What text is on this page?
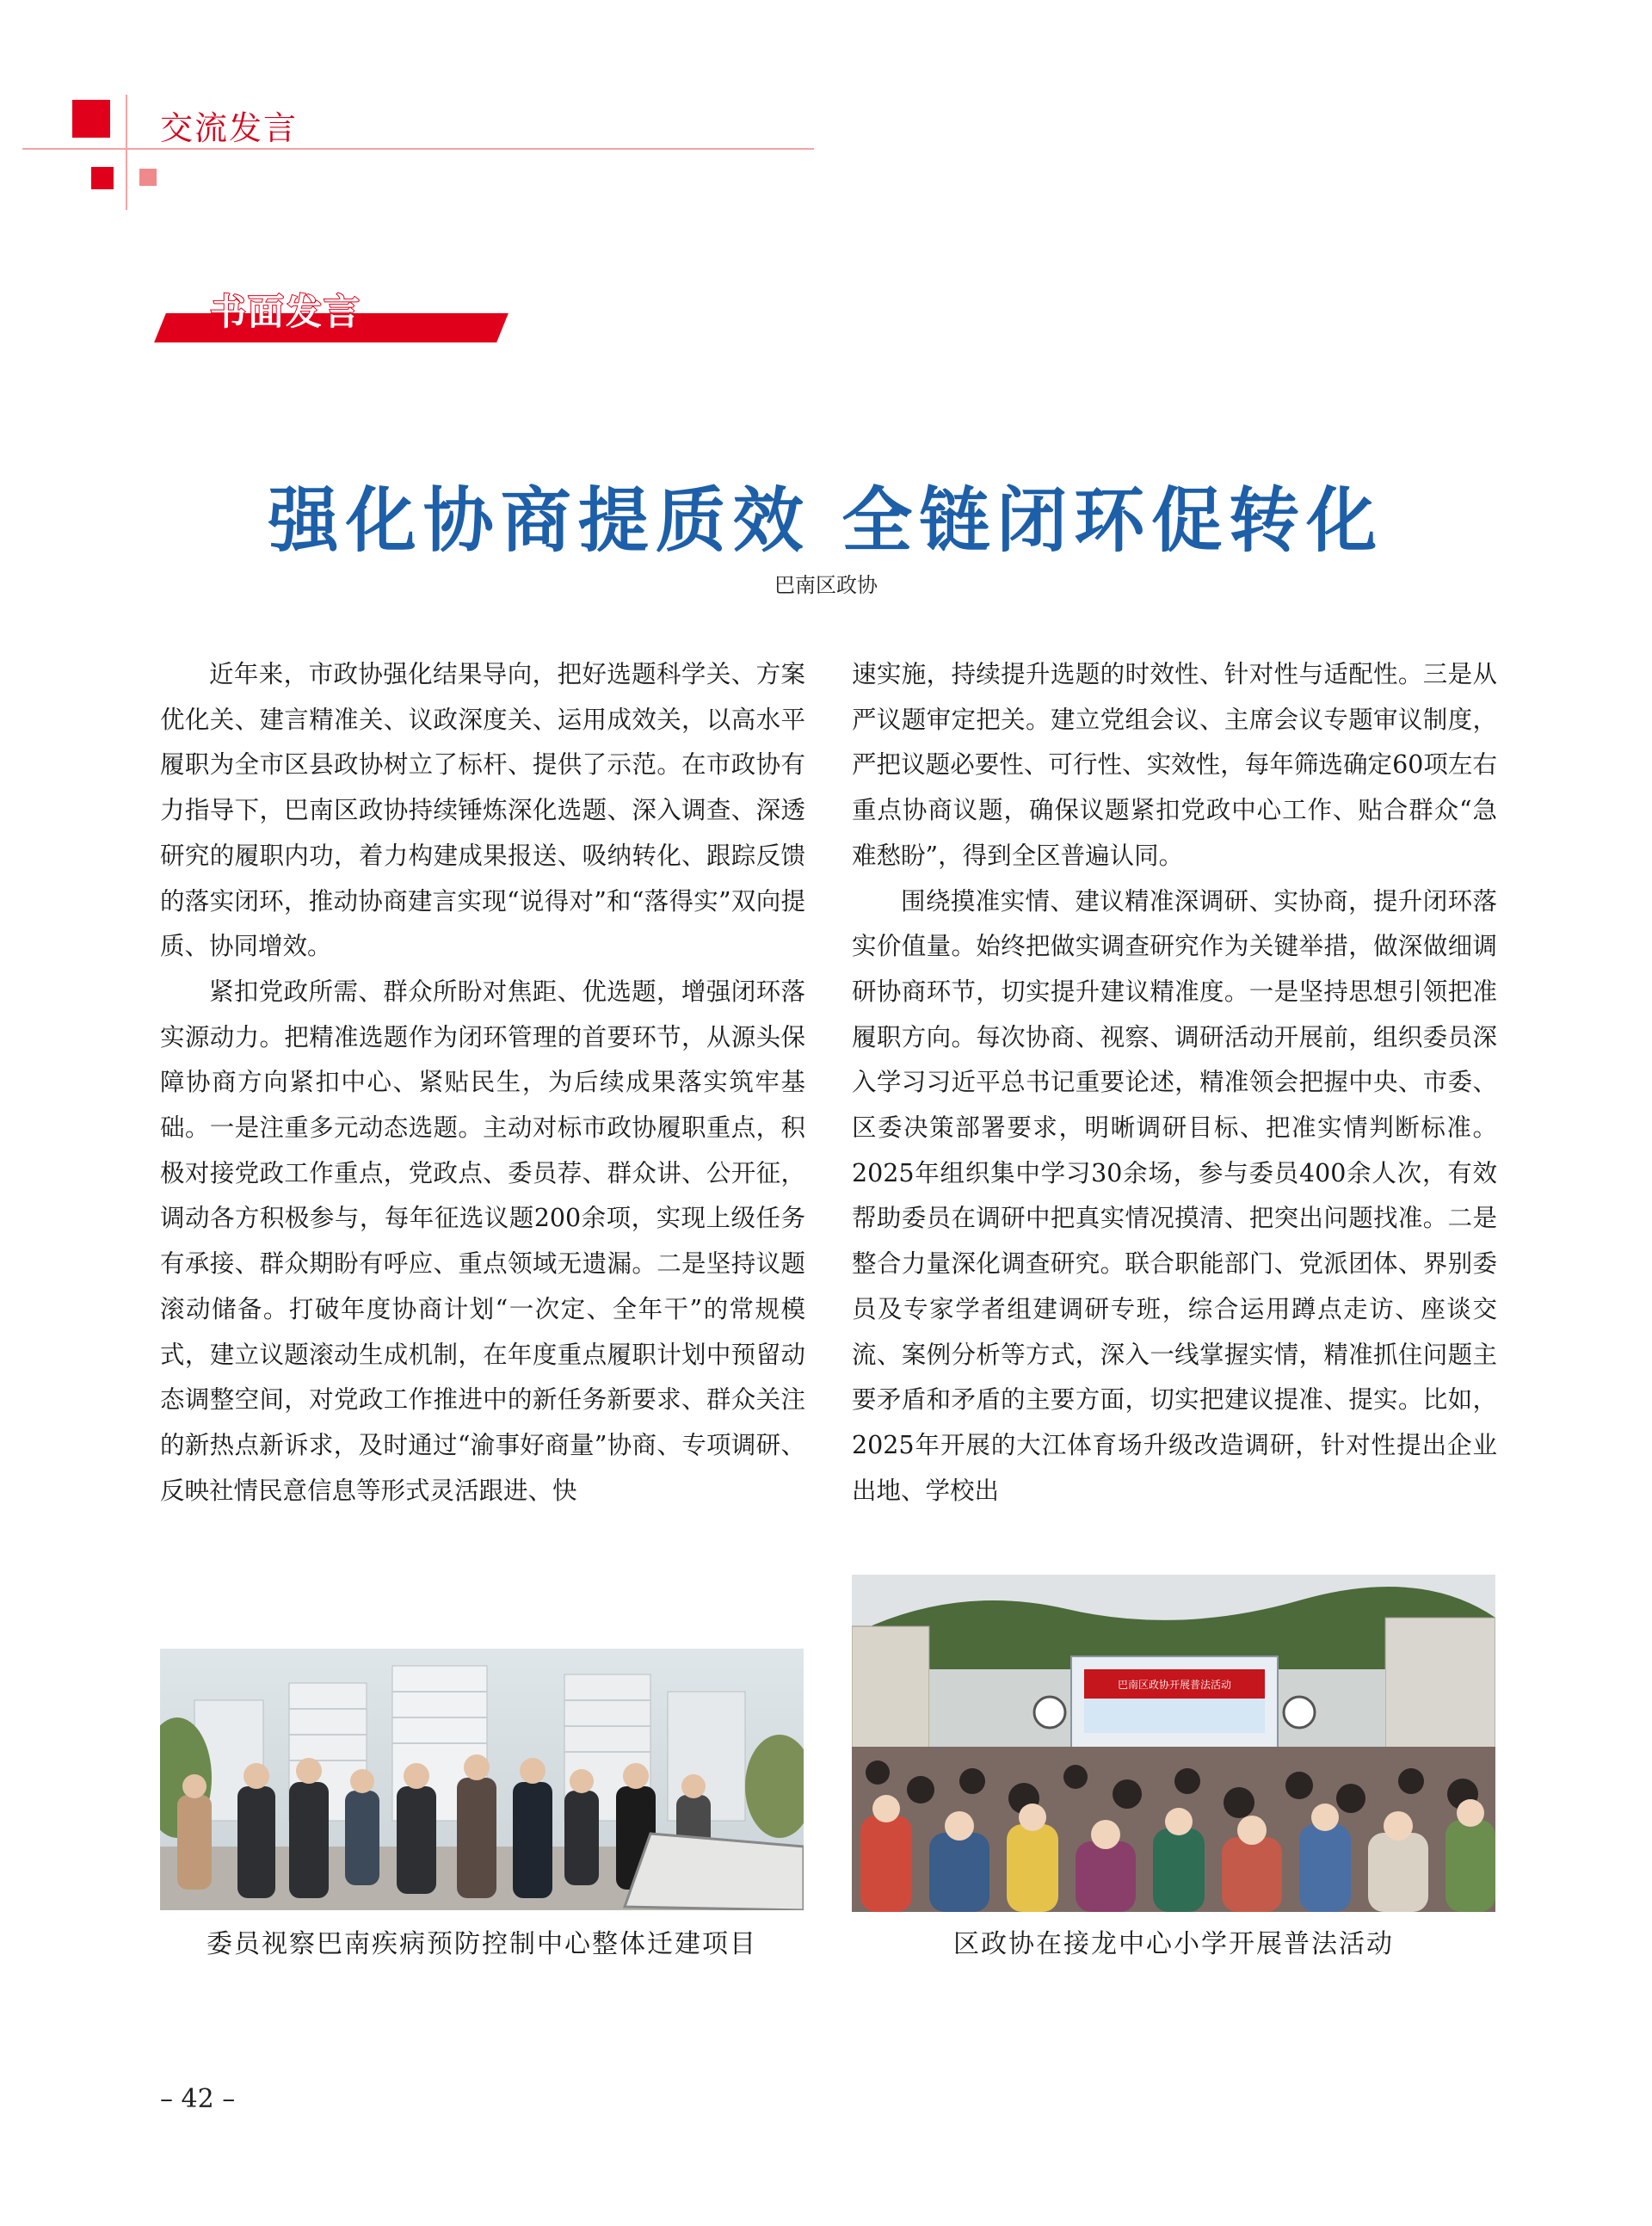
交流发言
书面发言
强化协商提质效 全链闭环促转化
巴南区政协

近年来，市政协强化结果导向，把好选题科学关、方案优化关、建言精准关、议政深度关、运用成效关，以高水平履职为全市区县政协树立了标杆、提供了示范。在市政协有力指导下，巴南区政协持续锤炼深化选题、深入调查、深透研究的履职内功，着力构建成果报送、吸纳转化、跟踪反馈的落实闭环，推动协商建言实现“说得对”和“落得实”双向提质、协同增效。

紧扣党政所需、群众所盼对焦距、优选题，增强闭环落实源动力。把精准选题作为闭环管理的首要环节，从源头保障协商方向紧扣中心、紧贴民生，为后续成果落实筑牢基础。一是注重多元动态选题。主动对标市政协履职重点，积极对接党政工作重点，党政点、委员荐、群众讲、公开征，调动各方积极参与，每年征选议题200余项，实现上级任务有承接、群众期盼有呼应、重点领域无遗漏。二是坚持议题滚动储备。打破年度协商计划“一次定、全年干”的常规模式，建立议题滚动生成机制，在年度重点履职计划中预留动态调整空间，对党政工作推进中的新任务新要求、群众关注的新热点新诉求，及时通过“渝事好商量”协商、专项调研、反映社情民意信息等形式灵活跟进、快

速实施，持续提升选题的时效性、针对性与适配性。三是从严议题审定把关。建立党组会议、主席会议专题审议制度，严把议题必要性、可行性、实效性，每年筛选确定60项左右重点协商议题，确保议题紧扣党政中心工作、贴合群众“急难愁盼”，得到全区普遍认同。

围绕摸准实情、建议精准深调研、实协商，提升闭环落实价值量。始终把做实调查研究作为关键举措，做深做细调研协商环节，切实提升建议精准度。一是坚持思想引领把准履职方向。每次协商、视察、调研活动开展前，组织委员深入学习习近平总书记重要论述，精准领会把握中央、市委、区委决策部署要求，明晰调研目标、把准实情判断标准。2025年组织集中学习30余场，参与委员400余人次，有效帮助委员在调研中把真实情况摸清、把突出问题找准。二是整合力量深化调查研究。联合职能部门、党派团体、界别委员及专家学者组建调研专班，综合运用蹲点走访、座谈交流、案例分析等方式，深入一线掌握实情，精准抓住问题主要矛盾和矛盾的主要方面，切实把建议提准、提实。比如，2025年开展的大江体育场升级改造调研，针对性提出企业出地、学校出

巴南区政协开展普法活动
委员视察巴南疾病预防控制中心整体迁建项目	区政协在接龙中心小学开展普法活动
– 42 –
